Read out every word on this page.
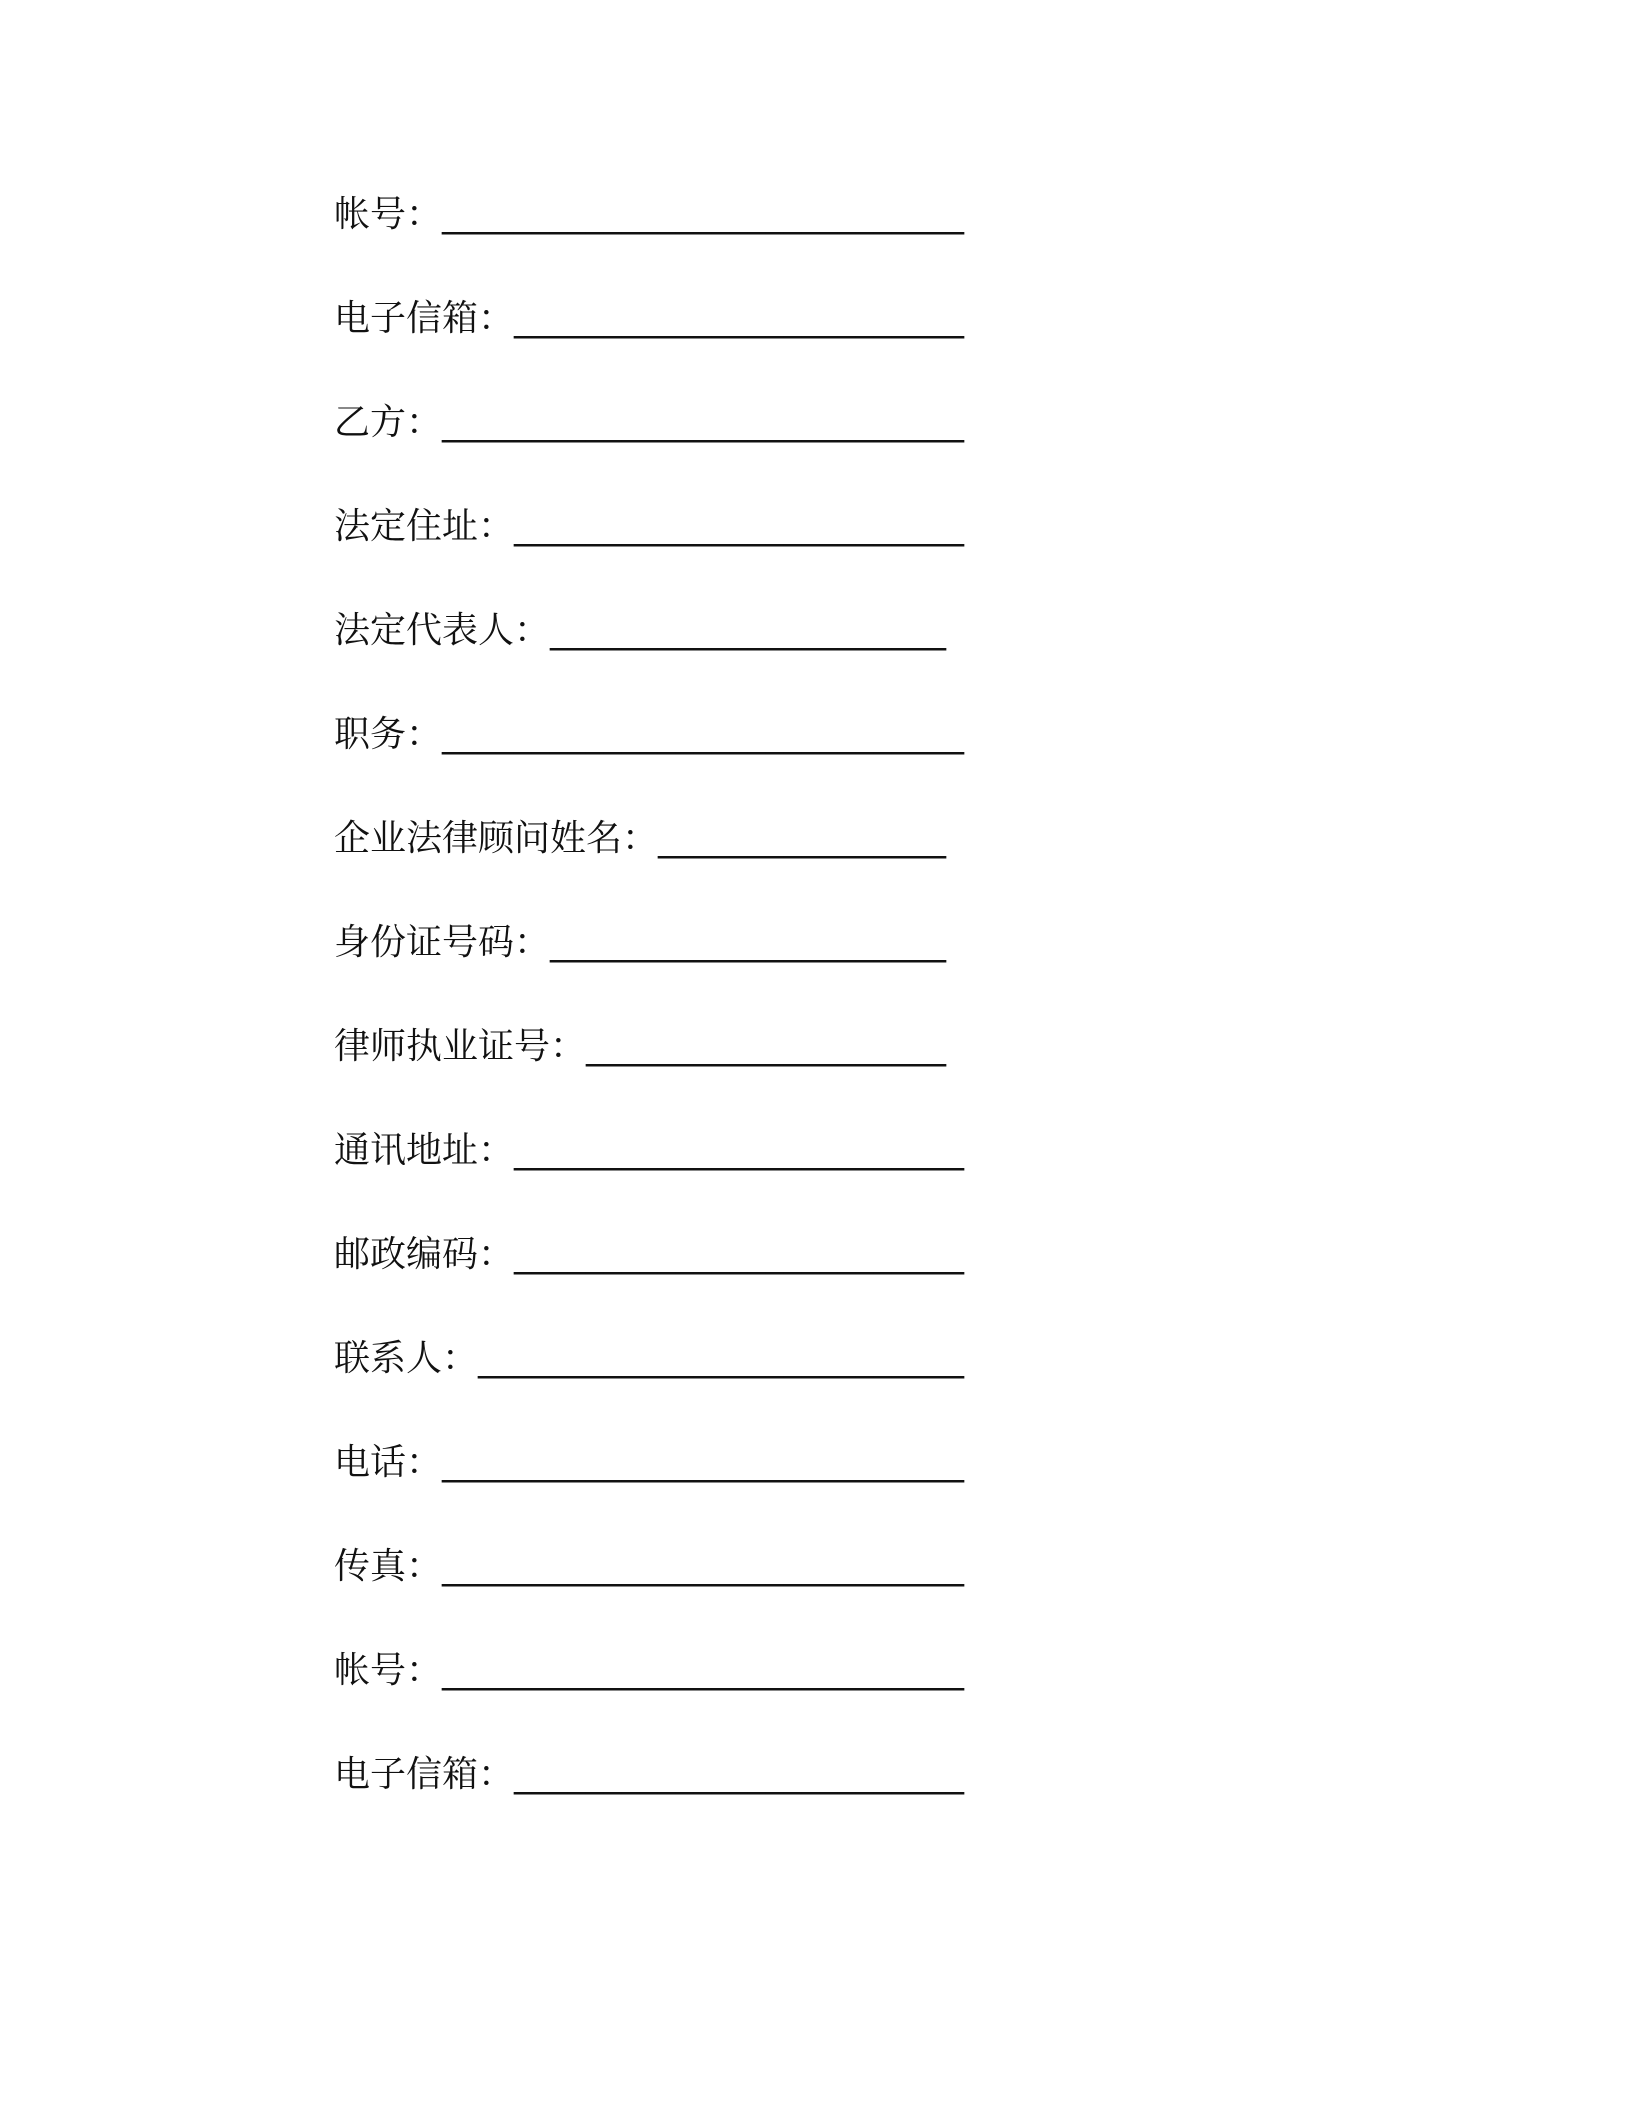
帐号：_____________________________
电子信箱：_________________________
乙方：_____________________________
法定住址：_________________________
法定代表人：______________________
职务：_____________________________
企业法律顾问姓名：________________
身份证号码：______________________
律师执业证号：____________________
通讯地址：_________________________
邮政编码：_________________________
联系人：___________________________
电话：_____________________________
传真：_____________________________
帐号：_____________________________
电子信箱：_________________________
